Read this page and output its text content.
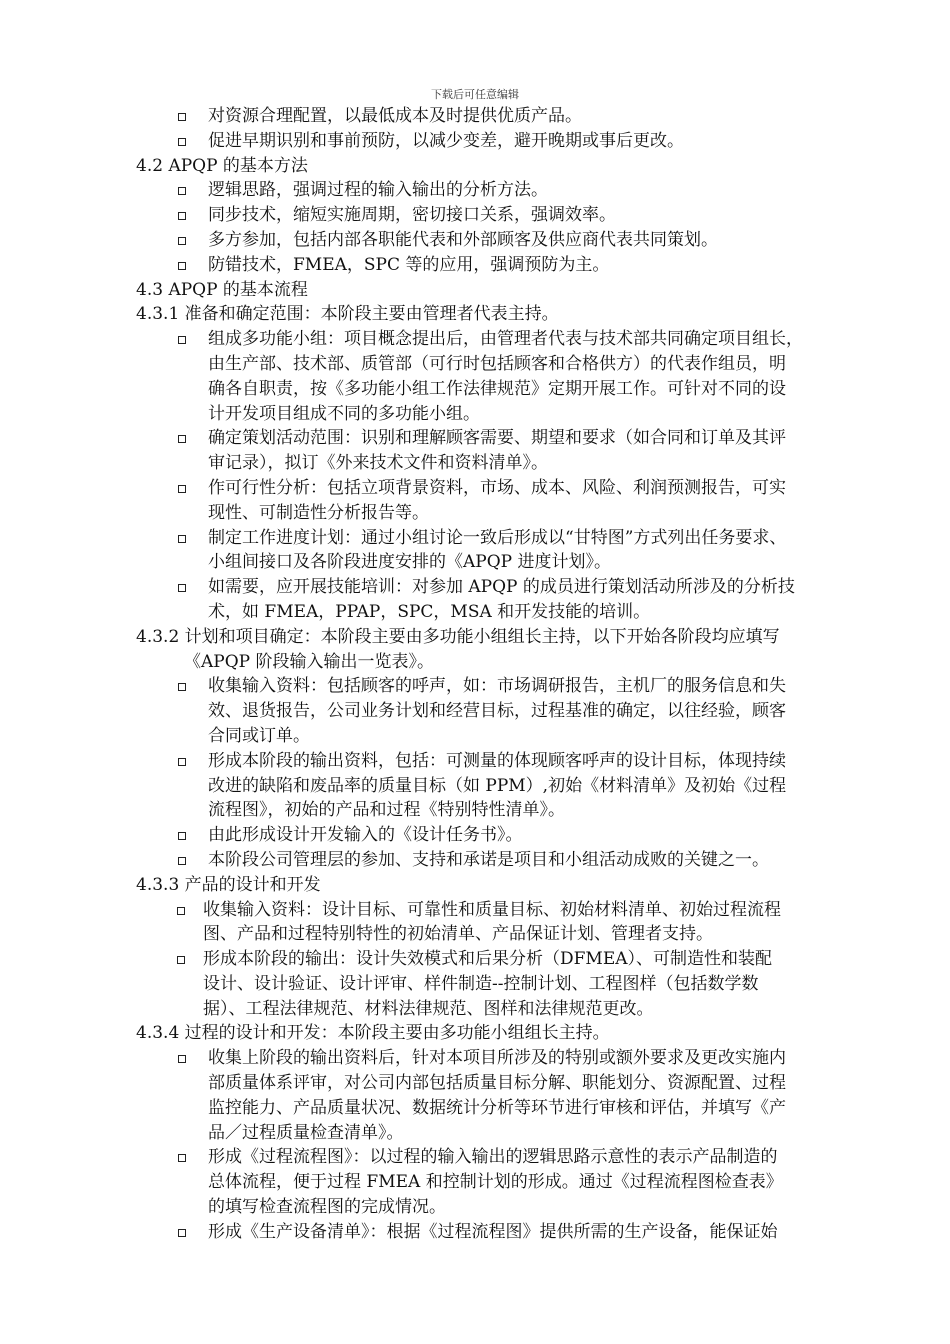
下载后可任意编辑
对资源合理配置，以最低成本及时提供优质产品。
促进早期识别和事前预防，以减少变差，避开晚期或事后更改。
4.2 APQP 的基本方法
逻辑思路，强调过程的输入输出的分析方法。
同步技术，缩短实施周期，密切接口关系，强调效率。
多方参加，包括内部各职能代表和外部顾客及供应商代表共同策划。
防错技术，FMEA，SPC 等的应用，强调预防为主。
4.3 APQP 的基本流程
4.3.1 准备和确定范围：本阶段主要由管理者代表主持。
组成多功能小组：项目概念提出后，由管理者代表与技术部共同确定项目组长，
由生产部、技术部、质管部（可行时包括顾客和合格供方）的代表作组员，明
确各自职责，按《多功能小组工作法律规范》定期开展工作。可针对不同的设
计开发项目组成不同的多功能小组。
确定策划活动范围：识别和理解顾客需要、期望和要求（如合同和订单及其评
审记录），拟订《外来技术文件和资料清单》。
作可行性分析：包括立项背景资料，市场、成本、风险、利润预测报告，可实
现性、可制造性分析报告等。
制定工作进度计划：通过小组讨论一致后形成以“甘特图”方式列出任务要求、
小组间接口及各阶段进度安排的《APQP 进度计划》。
如需要，应开展技能培训：对参加 APQP 的成员进行策划活动所涉及的分析技
术，如 FMEA，PPAP，SPC，MSA 和开发技能的培训。
4.3.2 计划和项目确定：本阶段主要由多功能小组组长主持，以下开始各阶段均应填写
《APQP 阶段输入输出一览表》。
收集输入资料：包括顾客的呼声，如：市场调研报告，主机厂的服务信息和失
效、退货报告，公司业务计划和经营目标，过程基准的确定，以往经验，顾客
合同或订单。
形成本阶段的输出资料，包括：可测量的体现顾客呼声的设计目标，体现持续
改进的缺陷和废品率的质量目标（如 PPM）,初始《材料清单》及初始《过程
流程图》，初始的产品和过程《特别特性清单》。
由此形成设计开发输入的《设计任务书》。
本阶段公司管理层的参加、支持和承诺是项目和小组活动成败的关键之一。
4.3.3 产品的设计和开发
收集输入资料：设计目标、可靠性和质量目标、初始材料清单、初始过程流程
图、产品和过程特别特性的初始清单、产品保证计划、管理者支持。
形成本阶段的输出：设计失效模式和后果分析（DFMEA）、可制造性和装配
设计、设计验证、设计评审、样件制造--控制计划、工程图样（包括数学数
据）、工程法律规范、材料法律规范、图样和法律规范更改。
4.3.4 过程的设计和开发：本阶段主要由多功能小组组长主持。
收集上阶段的输出资料后，针对本项目所涉及的特别或额外要求及更改实施内
部质量体系评审，对公司内部包括质量目标分解、职能划分、资源配置、过程
监控能力、产品质量状况、数据统计分析等环节进行审核和评估，并填写《产
品／过程质量检查清单》。
形成《过程流程图》：以过程的输入输出的逻辑思路示意性的表示产品制造的
总体流程，便于过程 FMEA 和控制计划的形成。通过《过程流程图检查表》
的填写检查流程图的完成情况。
形成《生产设备清单》：根据《过程流程图》提供所需的生产设备，能保证始
